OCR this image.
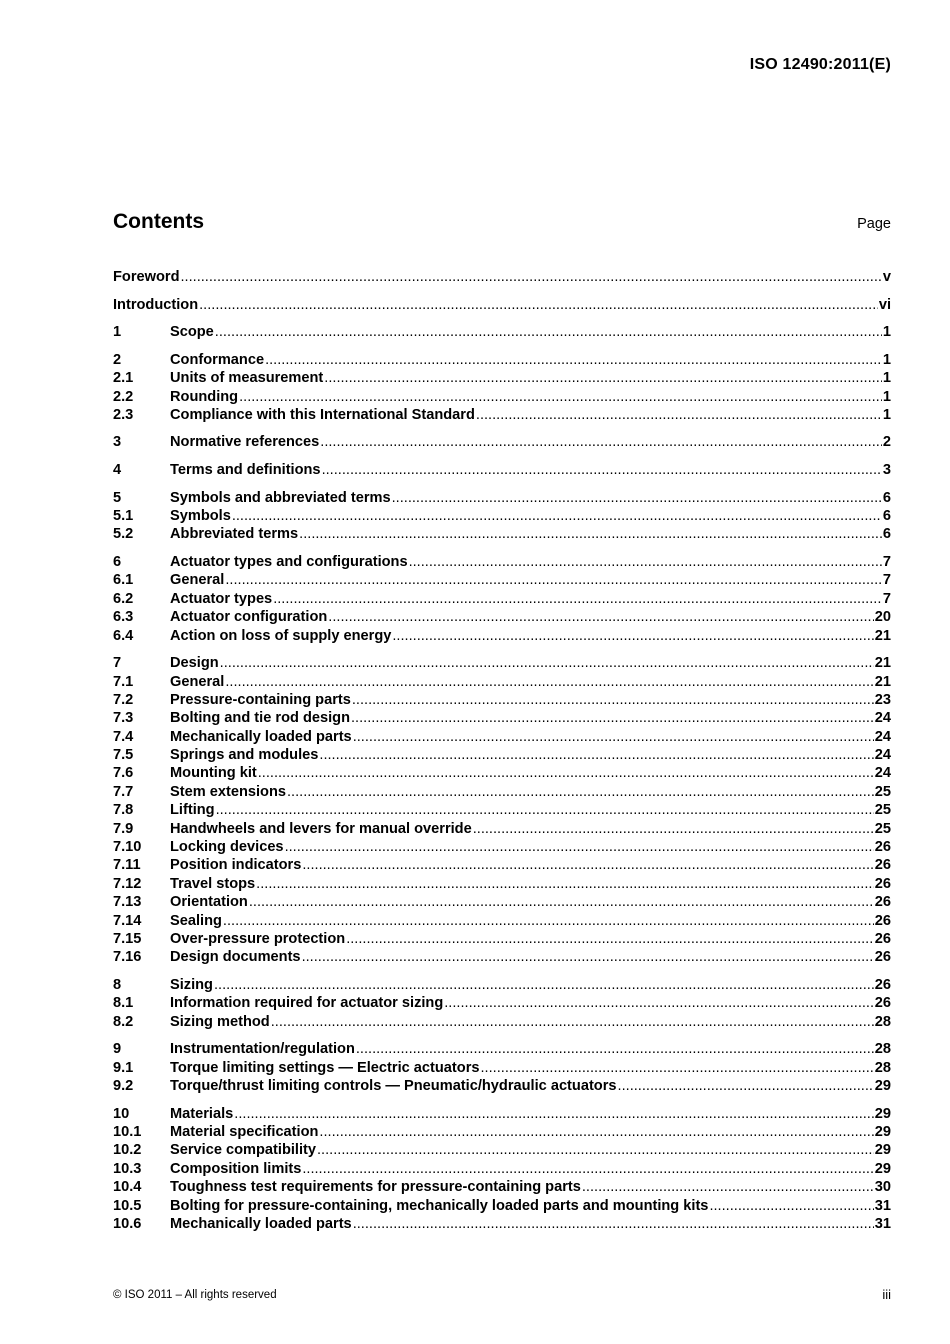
ISO 12490:2011(E)
Contents	Page
Foreword .....	v
Introduction .....	vi
1	Scope .....	1
2	Conformance .....	1
2.1	Units of measurement .....	1
2.2	Rounding .....	1
2.3	Compliance with this International Standard .....	1
3	Normative references .....	2
4	Terms and definitions .....	3
5	Symbols and abbreviated terms .....	6
5.1	Symbols .....	6
5.2	Abbreviated terms .....	6
6	Actuator types and configurations .....	7
6.1	General .....	7
6.2	Actuator types .....	7
6.3	Actuator configuration .....	20
6.4	Action on loss of supply energy .....	21
7	Design .....	21
7.1	General .....	21
7.2	Pressure-containing parts .....	23
7.3	Bolting and tie rod design .....	24
7.4	Mechanically loaded parts .....	24
7.5	Springs and modules .....	24
7.6	Mounting kit .....	24
7.7	Stem extensions .....	25
7.8	Lifting .....	25
7.9	Handwheels and levers for manual override .....	25
7.10	Locking devices .....	26
7.11	Position indicators .....	26
7.12	Travel stops .....	26
7.13	Orientation .....	26
7.14	Sealing .....	26
7.15	Over-pressure protection .....	26
7.16	Design documents .....	26
8	Sizing .....	26
8.1	Information required for actuator sizing .....	26
8.2	Sizing method .....	28
9	Instrumentation/regulation .....	28
9.1	Torque limiting settings — Electric actuators .....	28
9.2	Torque/thrust limiting controls — Pneumatic/hydraulic actuators .....	29
10	Materials .....	29
10.1	Material specification .....	29
10.2	Service compatibility .....	29
10.3	Composition limits .....	29
10.4	Toughness test requirements for pressure-containing parts .....	30
10.5	Bolting for pressure-containing, mechanically loaded parts and mounting kits .....	31
10.6	Mechanically loaded parts .....	31
© ISO 2011 – All rights reserved	iii
